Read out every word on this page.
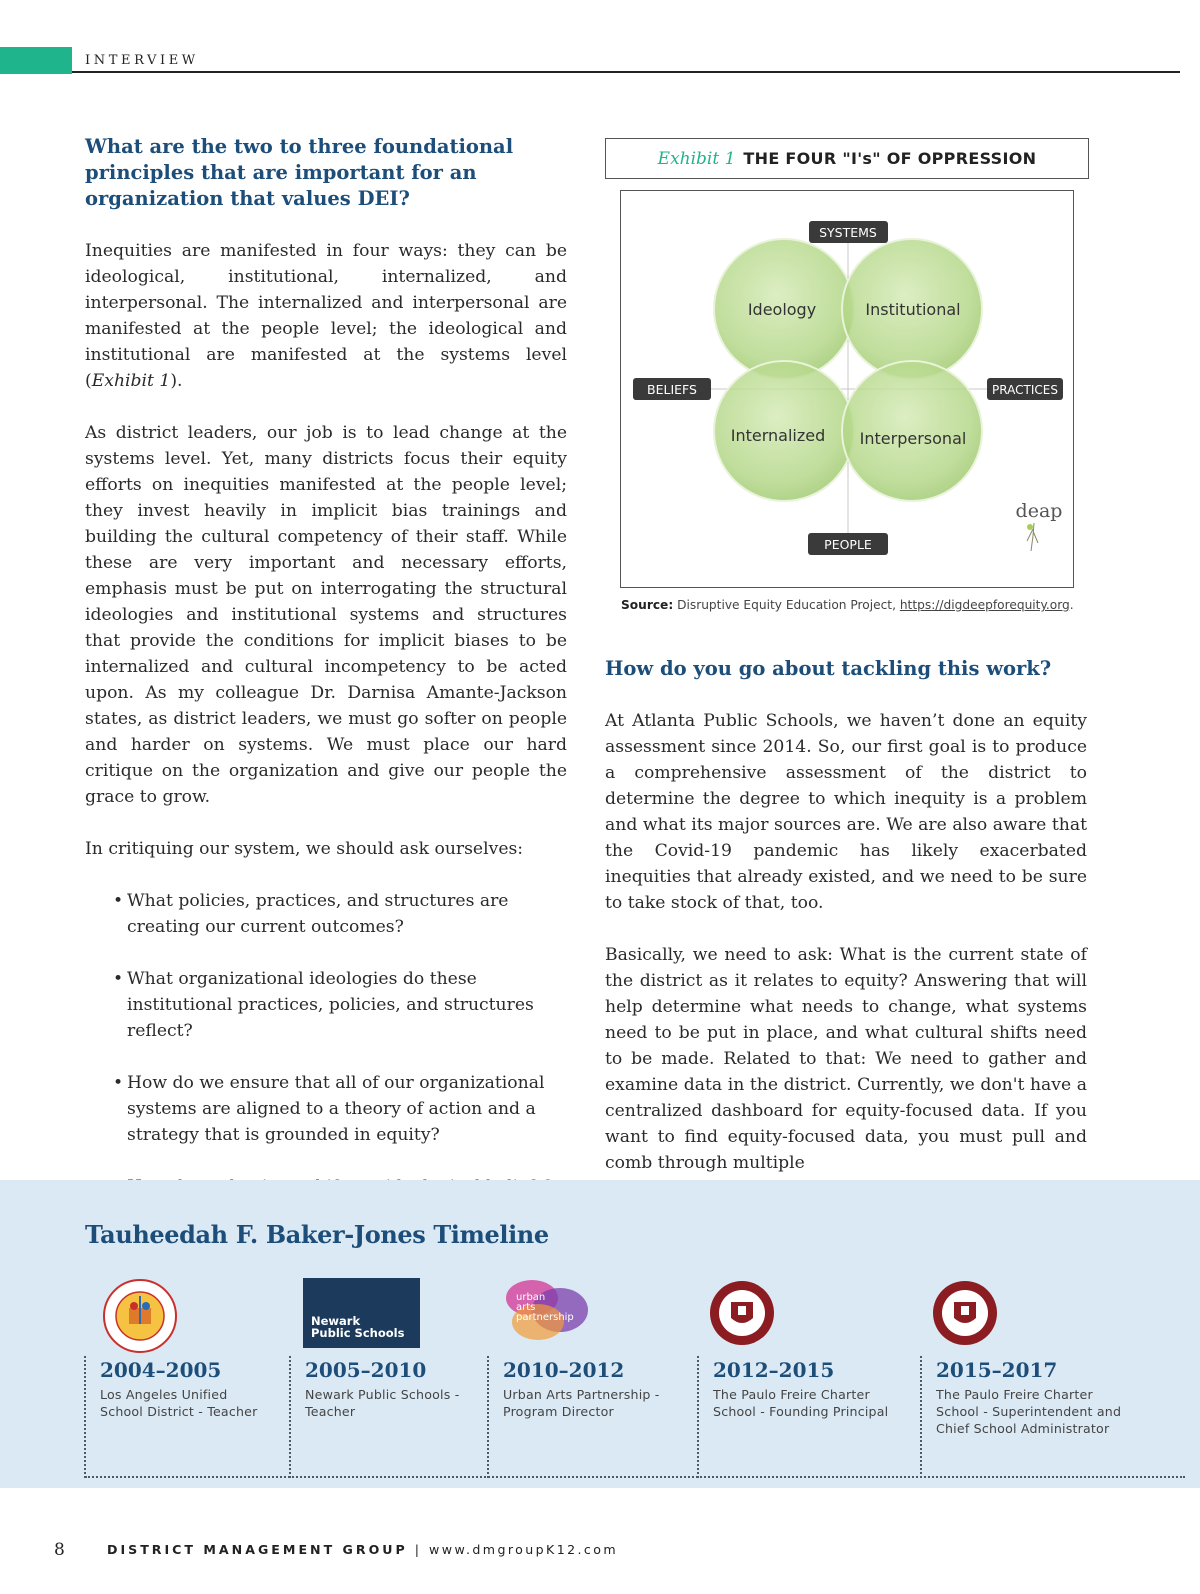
INTERVIEW
What are the two to three foundational principles that are important for an organization that values DEI?

Inequities are manifested in four ways: they can be ideological, institutional, internalized, and interpersonal. The internalized and interpersonal are manifested at the people level; the ideological and institutional are manifested at the systems level (Exhibit 1).

As district leaders, our job is to lead change at the systems level. Yet, many districts focus their equity efforts on inequities manifested at the people level; they invest heavily in implicit bias trainings and building the cultural competency of their staff. While these are very important and necessary efforts, emphasis must be put on interrogating the structural ideologies and institutional systems and structures that provide the conditions for implicit biases to be internalized and cultural incompetency to be acted upon. As my colleague Dr. Darnisa Amante-Jackson states, as district leaders, we must go softer on people and harder on systems. We must place our hard critique on the organization and give our people the grace to grow.

In critiquing our system, we should ask ourselves:

• What policies, practices, and structures are creating our current outcomes?
• What organizational ideologies do these institutional practices, policies, and structures reflect?
• How do we ensure that all of our organizational systems are aligned to a theory of action and a strategy that is grounded in equity?
•
Exhibit 1 THE FOUR "I's" OF OPPRESSION
Ideology	Institutional
Internalized Interpersonal
SYSTEMS
PEOPLE
BELIEFS	PRACTICES
deap
Source: Disruptive Equity Education Project, https://digdeepforequity.org.
How do you go about tackling this work?

At Atlanta Public Schools, we haven’t done an equity assessment since 2014. So, our first goal is to produce a comprehensive assessment of the district to determine the degree to which inequity is a problem and what its major sources are. We are also aware that the Covid-19 pandemic has likely exacerbated inequities that already existed, and we need to be sure to take stock of that, too.

Basically, we need to ask: What is the current state of the district as it relates to equity? Answering that will help determine what needs to change, what systems need to be put in place, and what cultural shifts need to be made. Related to that: We need to gather and examine data in the district. Currently, we don't have a centralized dashboard for equity-focused data. If you want to find equity-focused data, you must pull and comb through multiple

Tauheedah F. Baker-Jones Timeline
Newark
Public Schools
urban
arts
partnership
2004–2005
Los Angeles Unified
School District - Teacher
2005–2010
Newark Public Schools -
Teacher
2010–2012
Urban Arts Partnership -
Program Director
2012–2015
The Paulo Freire Charter
School - Founding Principal
2015–2017
The Paulo Freire Charter
School - Superintendent and
Chief School Administrator
8	DISTRICT MANAGEMENT GROUP | www.dmgroupK12.com
